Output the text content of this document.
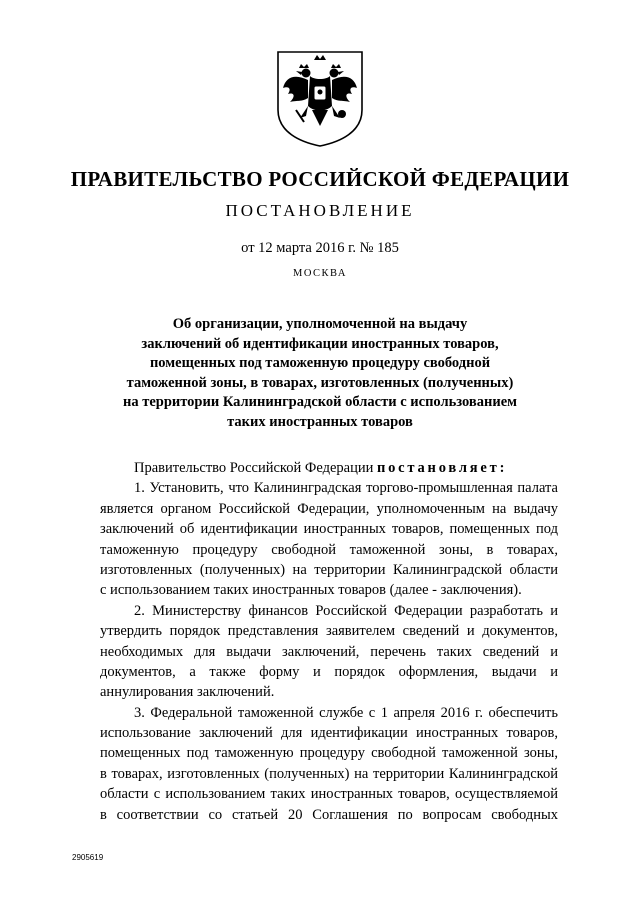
ПРАВИТЕЛЬСТВО РОССИЙСКОЙ ФЕДЕРАЦИИ
ПОСТАНОВЛЕНИЕ
от 12 марта 2016 г. № 185
МОСКВА
Об организации, уполномоченной на выдачу
заключений об идентификации иностранных товаров,
помещенных под таможенную процедуру свободной
таможенной зоны, в товарах, изготовленных (полученных)
на территории Калининградской области с использованием
таких иностранных товаров
Правительство Российской Федерации постановляет:
1. Установить, что Калининградская торгово-промышленная палата
является органом Российской Федерации, уполномоченным на выдачу
заключений об идентификации иностранных товаров, помещенных под
таможенную процедуру свободной таможенной зоны, в товарах,
изготовленных (полученных) на территории Калининградской области
с использованием таких иностранных товаров (далее - заключения).
2. Министерству финансов Российской Федерации разработать и
утвердить порядок представления заявителем сведений и документов,
необходимых для выдачи заключений, перечень таких сведений и
документов, а также форму и порядок оформления, выдачи и
аннулирования заключений.
3. Федеральной таможенной службе с 1 апреля 2016 г. обеспечить
использование заключений для идентификации иностранных товаров,
помещенных под таможенную процедуру свободной таможенной зоны,
в товарах, изготовленных (полученных) на территории Калининградской
области с использованием таких иностранных товаров, осуществляемой
в соответствии со статьей 20 Соглашения по вопросам свободных
2905619
